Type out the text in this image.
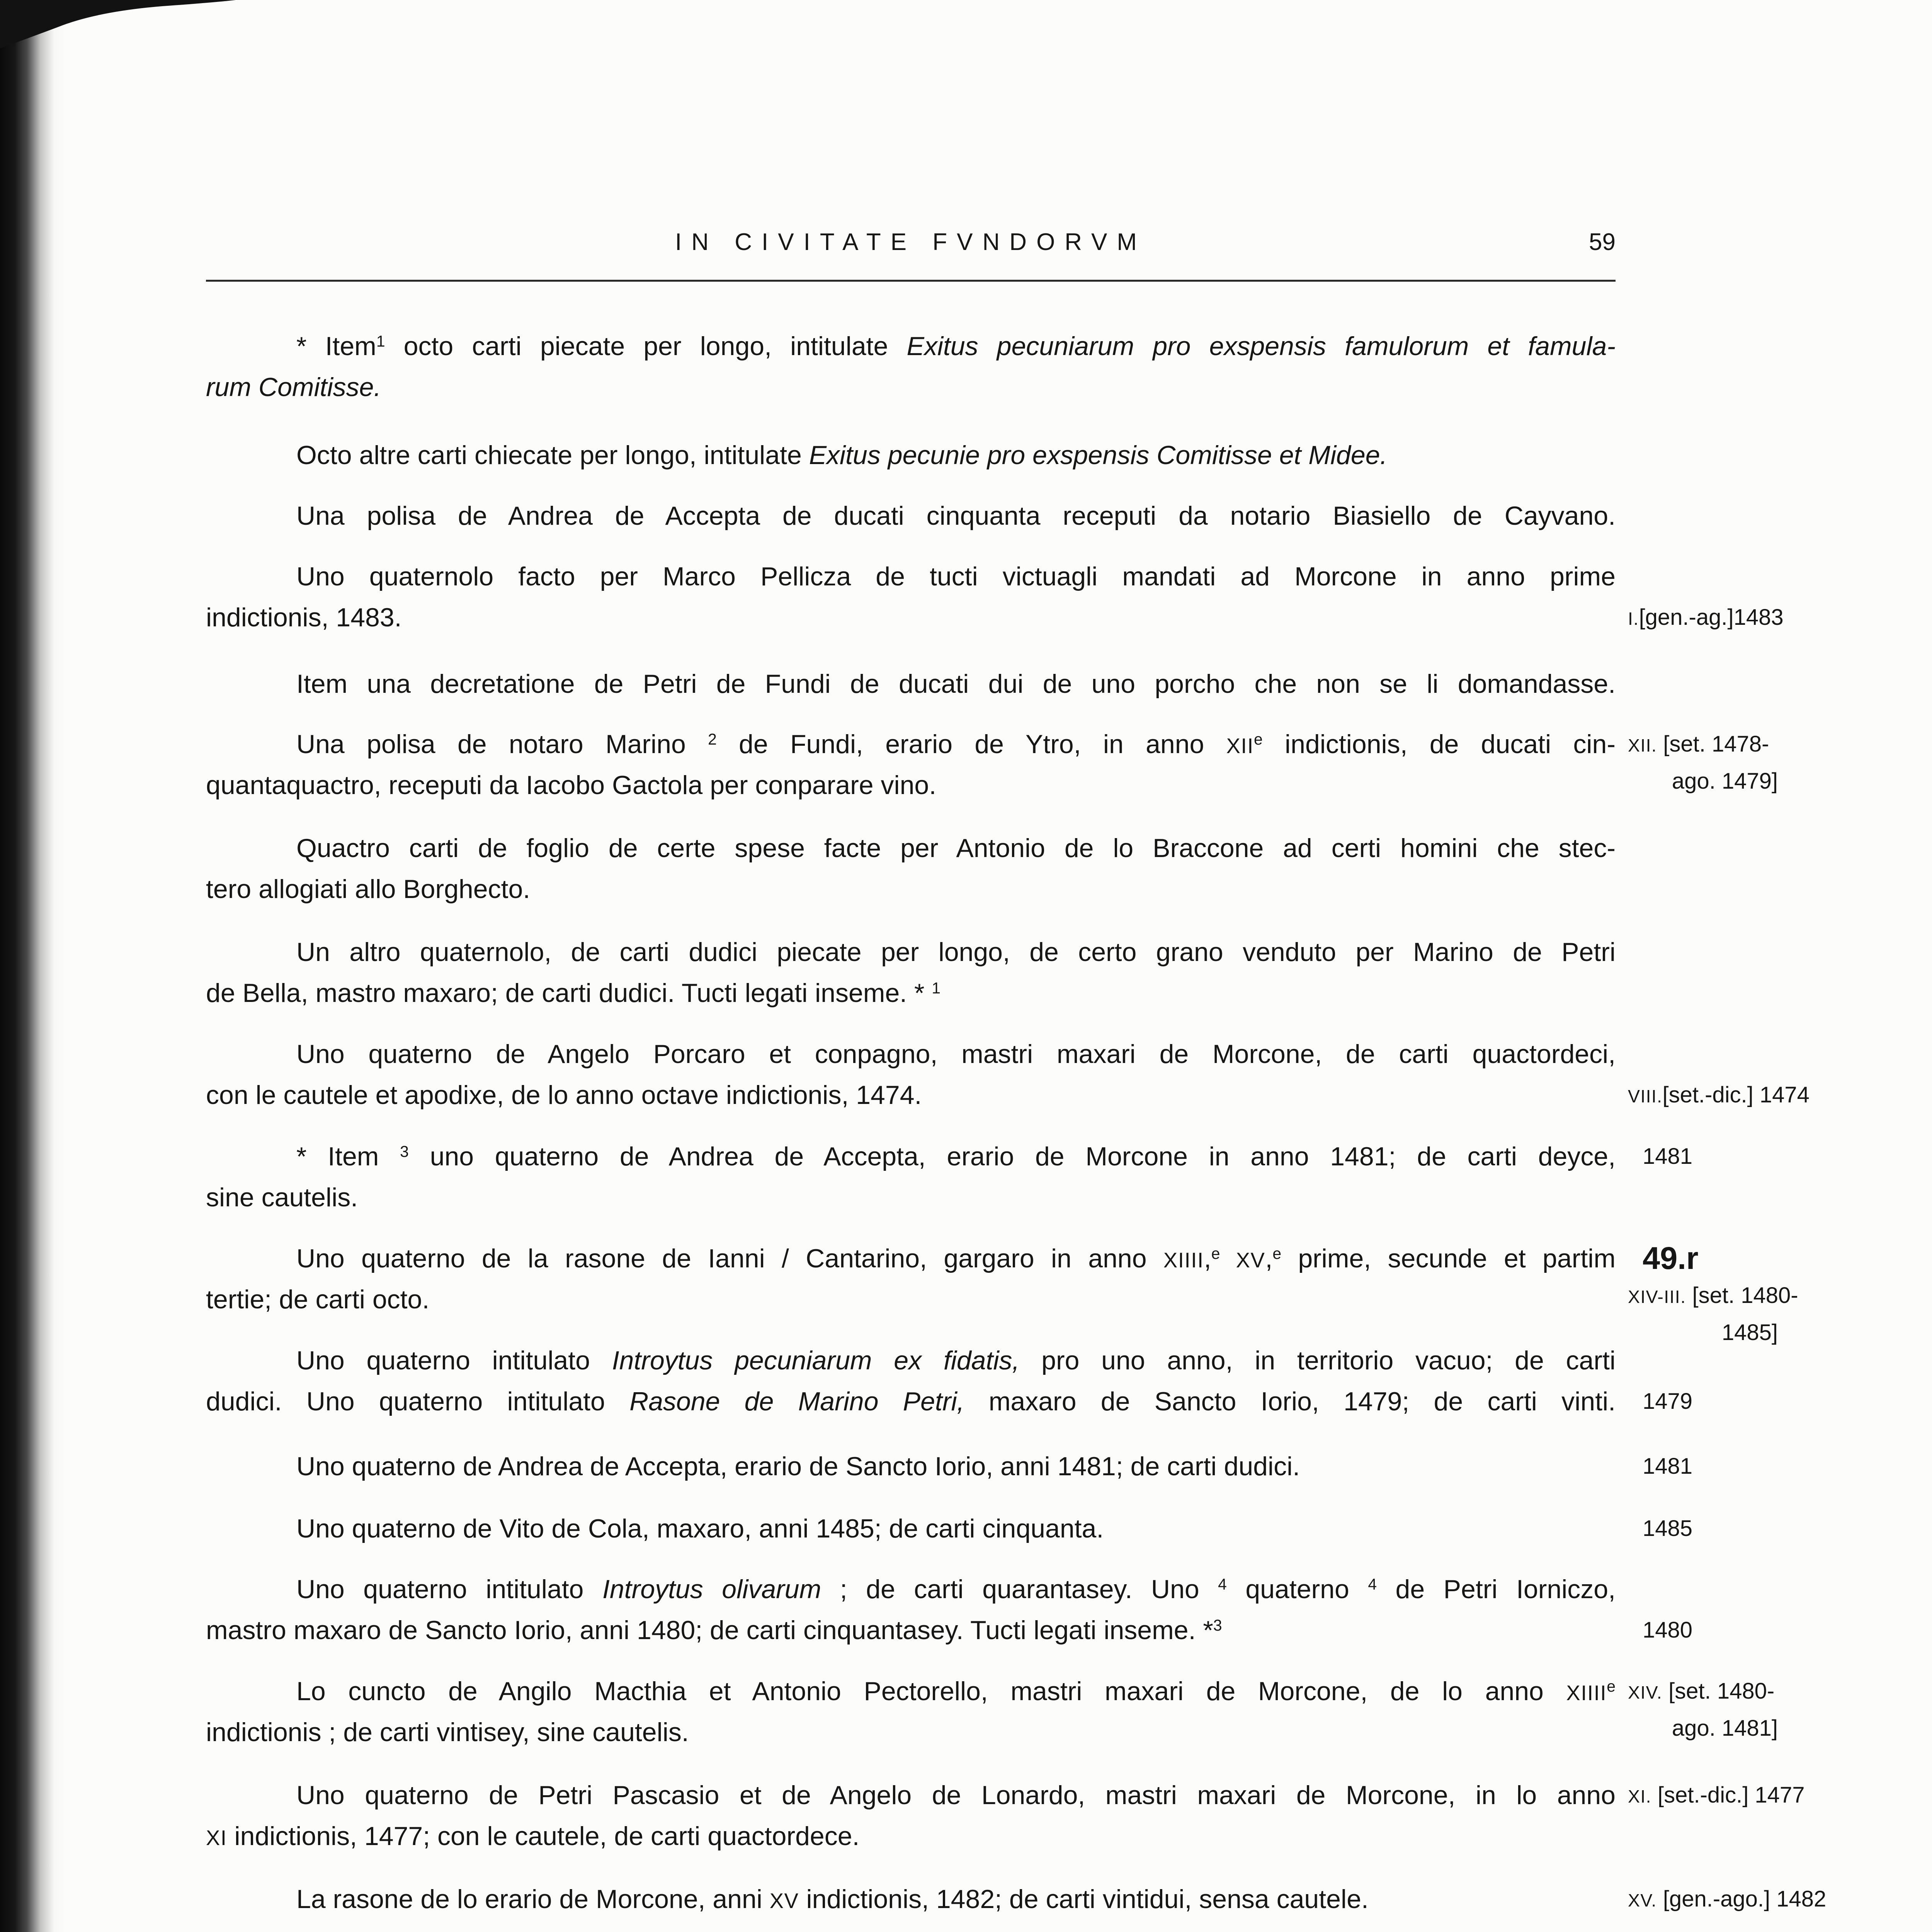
IN CIVITATE FVNDORVM	59
* Item$^1$ octo carti piecate per longo, intitulate Exitus pecuniarum pro exspensis famulorum et famula-
rum Comitisse.
Octo altre carti chiecate per longo, intitulate Exitus pecunie pro exspensis Comitisse et Midee.
Una polisa de Andrea de Accepta de ducati cinquanta receputi da notario Biasiello de Cayvano.
Uno quaternolo facto per Marco Pellicza de tucti victuagli mandati ad Morcone in anno prime
indictionis, 1483.	I.[gen.-ag.]1483
Item una decretatione de Petri de Fundi de ducati dui de uno porcho che non se li domandasse.
Una polisa de notaro Marino $^2$ de Fundi, erario de Ytro, in anno XIIe indictionis, de ducati cin-
quantaquactro, receputi da Iacobo Gactola per conparare vino.
XII. [set. 1478-
ago. 1479]
Quactro carti de foglio de certe spese facte per Antonio de lo Braccone ad certi homini che stec-
tero allogiati allo Borghecto.
Un altro quaternolo, de carti dudici piecate per longo, de certo grano venduto per Marino de Petri
de Bella, mastro maxaro; de carti dudici. Tucti legati inseme. * $^1$
Uno quaterno de Angelo Porcaro et conpagno, mastri maxari de Morcone, de carti quactordeci,
con le cautele et apodixe, de lo anno octave indictionis, 1474.	VIII.[set.-dic.] 1474
* Item $^3$ uno quaterno de Andrea de Accepta, erario de Morcone in anno 1481; de carti deyce,
sine cautelis.
1481
Uno quaterno de la rasone de Ianni / Cantarino, gargaro in anno XIIII,$^e$ XV,$^e$ prime, secunde et partim
tertie; de carti octo.
49.r
XIV-III. [set. 1480-
1485]
Uno quaterno intitulato Introytus pecuniarum ex fidatis, pro uno anno, in territorio vacuo; de carti
dudici. Uno quaterno intitulato Rasone de Marino Petri, maxaro de Sancto Iorio, 1479; de carti vinti.	1479
Uno quaterno de Andrea de Accepta, erario de Sancto Iorio, anni 1481; de carti dudici.	1481
Uno quaterno de Vito de Cola, maxaro, anni 1485; de carti cinquanta.	1485
Uno quaterno intitulato Introytus olivarum ; de carti quarantasey. Uno $^4$ quaterno $^4$ de Petri Iorniczo,
mastro maxaro de Sancto Iorio, anni 1480; de carti cinquantasey. Tucti legati inseme. *$^3$	1480
Lo cuncto de Angilo Macthia et Antonio Pectorello, mastri maxari de Morcone, de lo anno XIIIIe
indictionis ; de carti vintisey, sine cautelis.
XIV. [set. 1480-
ago. 1481]
Uno quaterno de Petri Pascasio et de Angelo de Lonardo, mastri maxari de Morcone, in lo anno
XI indictionis, 1477; con le cautele, de carti quactordece.
XI. [set.-dic.] 1477
La rasone de lo erario de Morcone, anni XV indictionis, 1482; de carti vintidui, sensa cautele.	XV. [gen.-ago.] 1482
